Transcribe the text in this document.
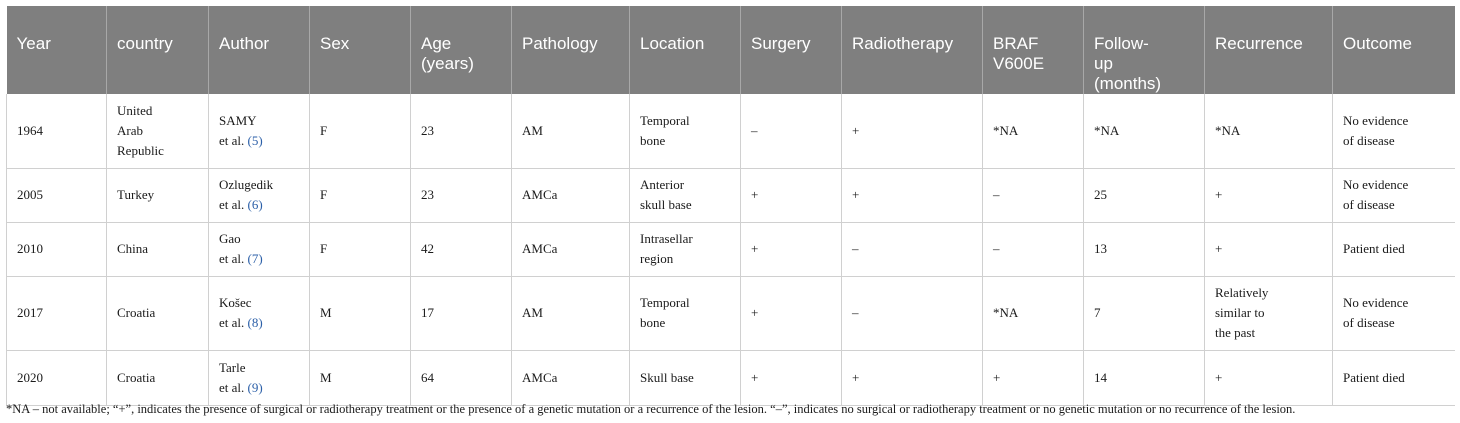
Year	country	Author	Sex	Age
(years)	Pathology	Location	Surgery	Radiotherapy	BRAF
V600E	Follow-
up
(months)	Recurrence	Outcome
1964	United
Arab
Republic	SAMY
et al. (5)	F	23	AM	Temporal
bone	–	+	*NA	*NA	*NA	No evidence
of disease
2005	Turkey	Ozlugedik
et al. (6)	F	23	AMCa	Anterior
skull base	+	+	–	25	+	No evidence
of disease
2010	China	Gao
et al. (7)	F	42	AMCa	Intrasellar
region	+	–	–	13	+	Patient died
2017	Croatia	Košec
et al. (8)	M	17	AM	Temporal
bone	+	–	*NA	7	Relatively
similar to
the past	No evidence
of disease
2020	Croatia	Tarle
et al. (9)	M	64	AMCa	Skull base	+	+	+	14	+	Patient died
*NA – not available; “+”, indicates the presence of surgical or radiotherapy treatment or the presence of a genetic mutation or a recurrence of the lesion. “–”, indicates no surgical or radiotherapy treatment or no genetic mutation or no recurrence of the lesion.
